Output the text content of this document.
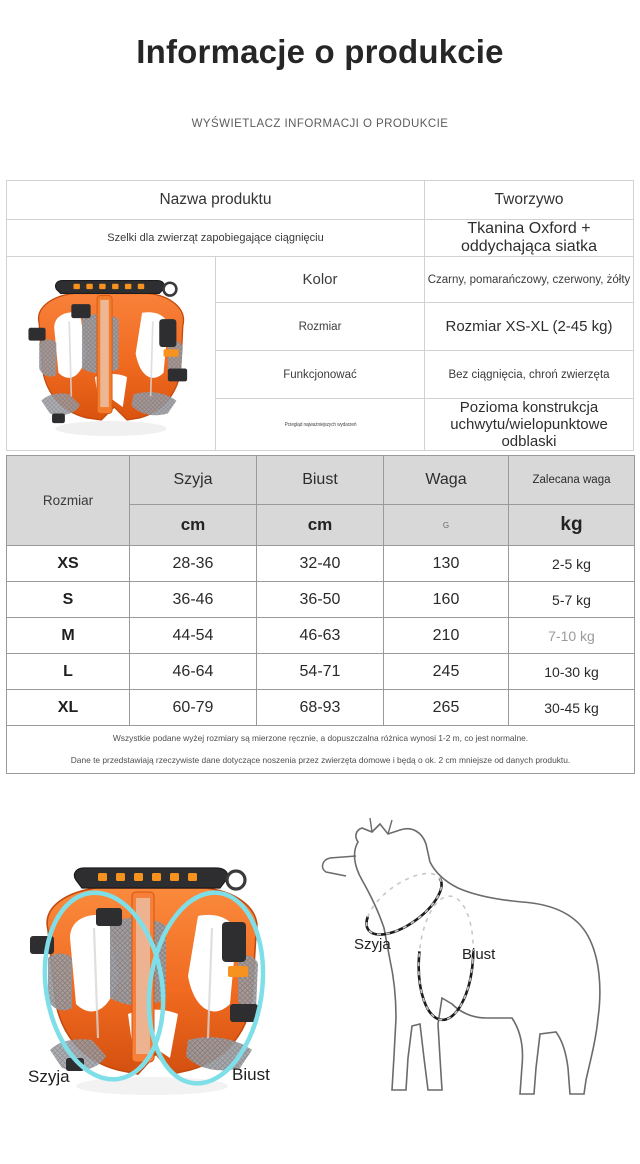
Informacje o produkcie
WYŚWIETLACZ INFORMACJI O PRODUKCIE
Nazwa produktu		Tworzywo
Szelki dla zwierząt zapobiegające ciągnięciu		Tkanina Oxford + oddychająca siatka

	Kolor	Czarny, pomarańczowy, czerwony, żółty
	Rozmiar	Rozmiar XS-XL (2-45 kg)
	Funkcjonować	Bez ciągnięcia, chroń zwierzęta
	Przegląd najważniejszych wydarzeń	Pozioma konstrukcja uchwytu/wielopunktowe odblaski
Rozmiar	Szyja	Biust	Waga	Zalecana waga
	cm	cm	G	kg
XS	28-36	32-40	130	2-5 kg
S	36-46	36-50	160	5-7 kg
M	44-54	46-63	210	7-10 kg
L	46-64	54-71	245	10-30 kg
XL	60-79	68-93	265	30-45 kg

Wszystkie podane wyżej rozmiary są mierzone ręcznie, a dopuszczalna różnica wynosi 1-2 m, co jest normalne.
Dane te przedstawiają rzeczywiste dane dotyczące noszenia przez zwierzęta domowe i będą o ok. 2 cm mniejsze od danych produktu.				
Szyja	Biust
Szyja
Biust
